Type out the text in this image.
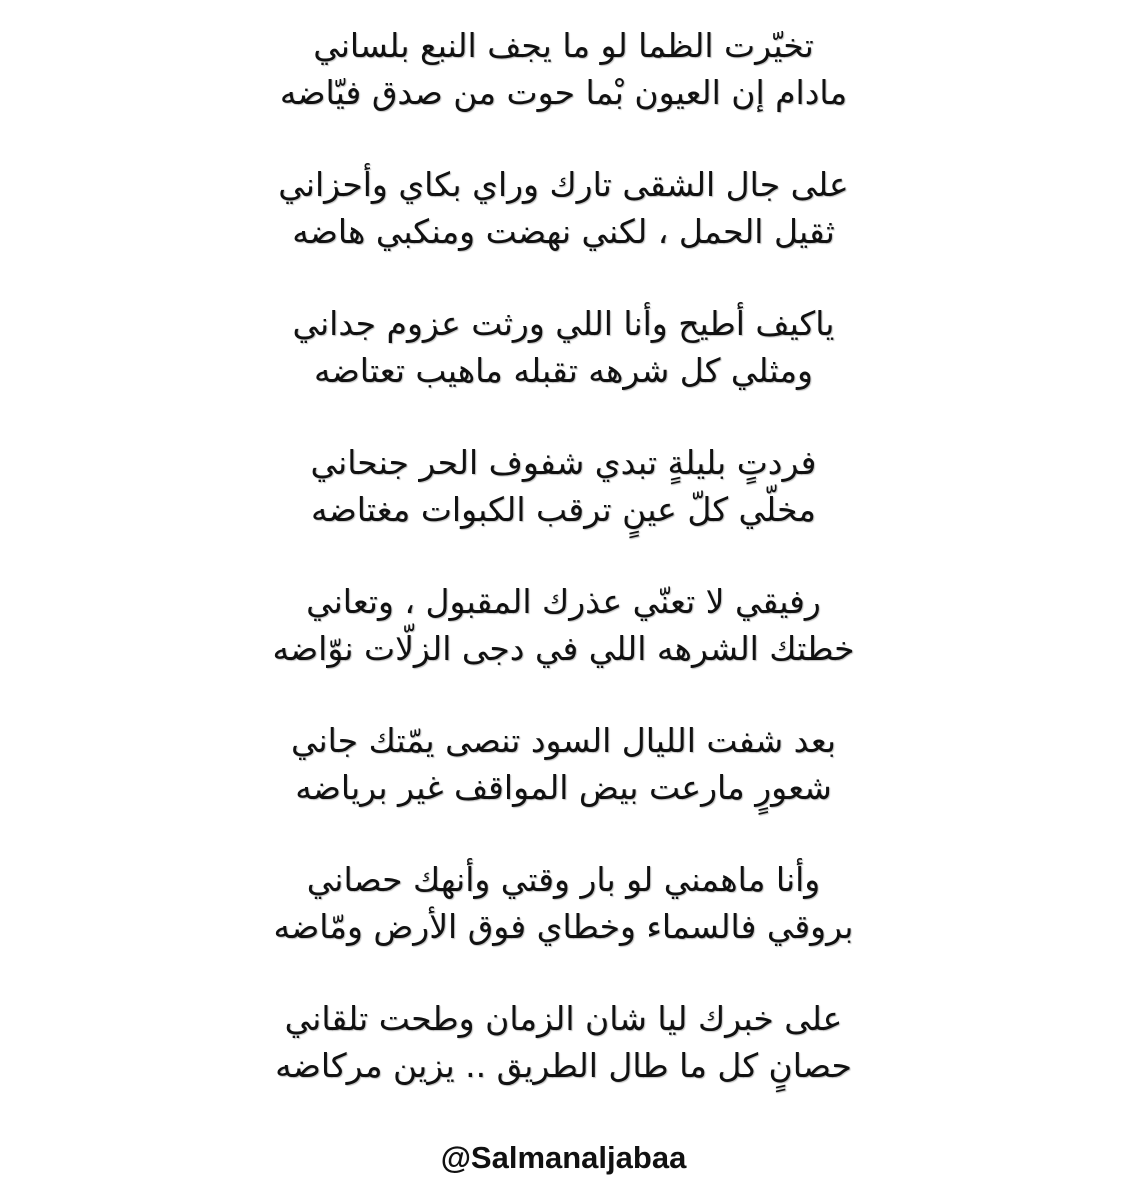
تخيّرت الظما لو ما يجف النبع بلساني
مادام إن العيون بْما حوت من صدق فيّاضه
على جال الشقى تارك وراي بكاي وأحزاني
ثقيل الحمل ، لكني نهضت ومنكبي هاضه
ياكيف أطيح وأنا اللي ورثت عزوم جداني
ومثلي كل شرهه تقبله ماهيب تعتاضه
فردتٍ بليلةٍ تبدي شفوف الحر جنحاني
مخلّي كلّ عينٍ ترقب الكبوات مغتاضه
رفيقي لا تعنّي عذرك المقبول ، وتعاني
خطتك الشرهه اللي في دجى الزلّات نوّاضه
بعد شفت الليال السود تنصى يمّتك جاني
شعورٍ مارعت بيض المواقف غير برياضه
وأنا ماهمني لو بار وقتي وأنهك حصاني
بروقي فالسماء وخطاي فوق الأرض ومّاضه
على خبرك ليا شان الزمان وطحت تلقاني
حصانٍ كل ما طال الطريق .. يزين مركاضه
@Salmanaljabaa
